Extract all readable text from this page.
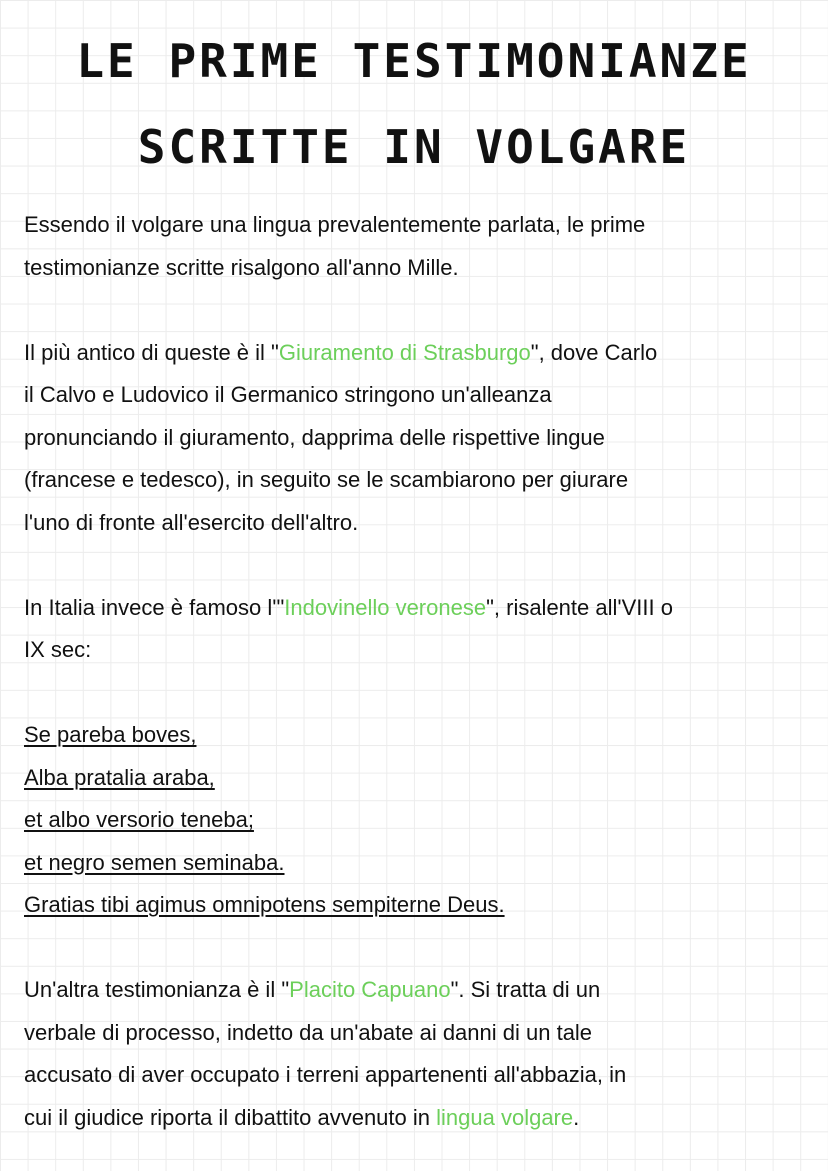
LE PRIME TESTIMONIANZE
SCRITTE IN VOLGARE

Essendo il volgare una lingua prevalentemente parlata, le prime
testimonianze scritte risalgono all'anno Mille.

Il più antico di queste è il "Giuramento di Strasburgo", dove Carlo
il Calvo e Ludovico il Germanico stringono un'alleanza
pronunciando il giuramento, dapprima delle rispettive lingue
(francese e tedesco), in seguito se le scambiarono per giurare
l'uno di fronte all'esercito dell'altro.

In Italia invece è famoso l'"Indovinello veronese", risalente all'VIII o
IX sec:

Se pareba boves,
Alba pratalia araba,
et albo versorio teneba;
et negro semen seminaba.
Gratias tibi agimus omnipotens sempiterne Deus.

Un'altra testimonianza è il "Placito Capuano". Si tratta di un
verbale di processo, indetto da un'abate ai danni di un tale
accusato di aver occupato i terreni appartenenti all'abbazia, in
cui il giudice riporta il dibattito avvenuto in lingua volgare.
